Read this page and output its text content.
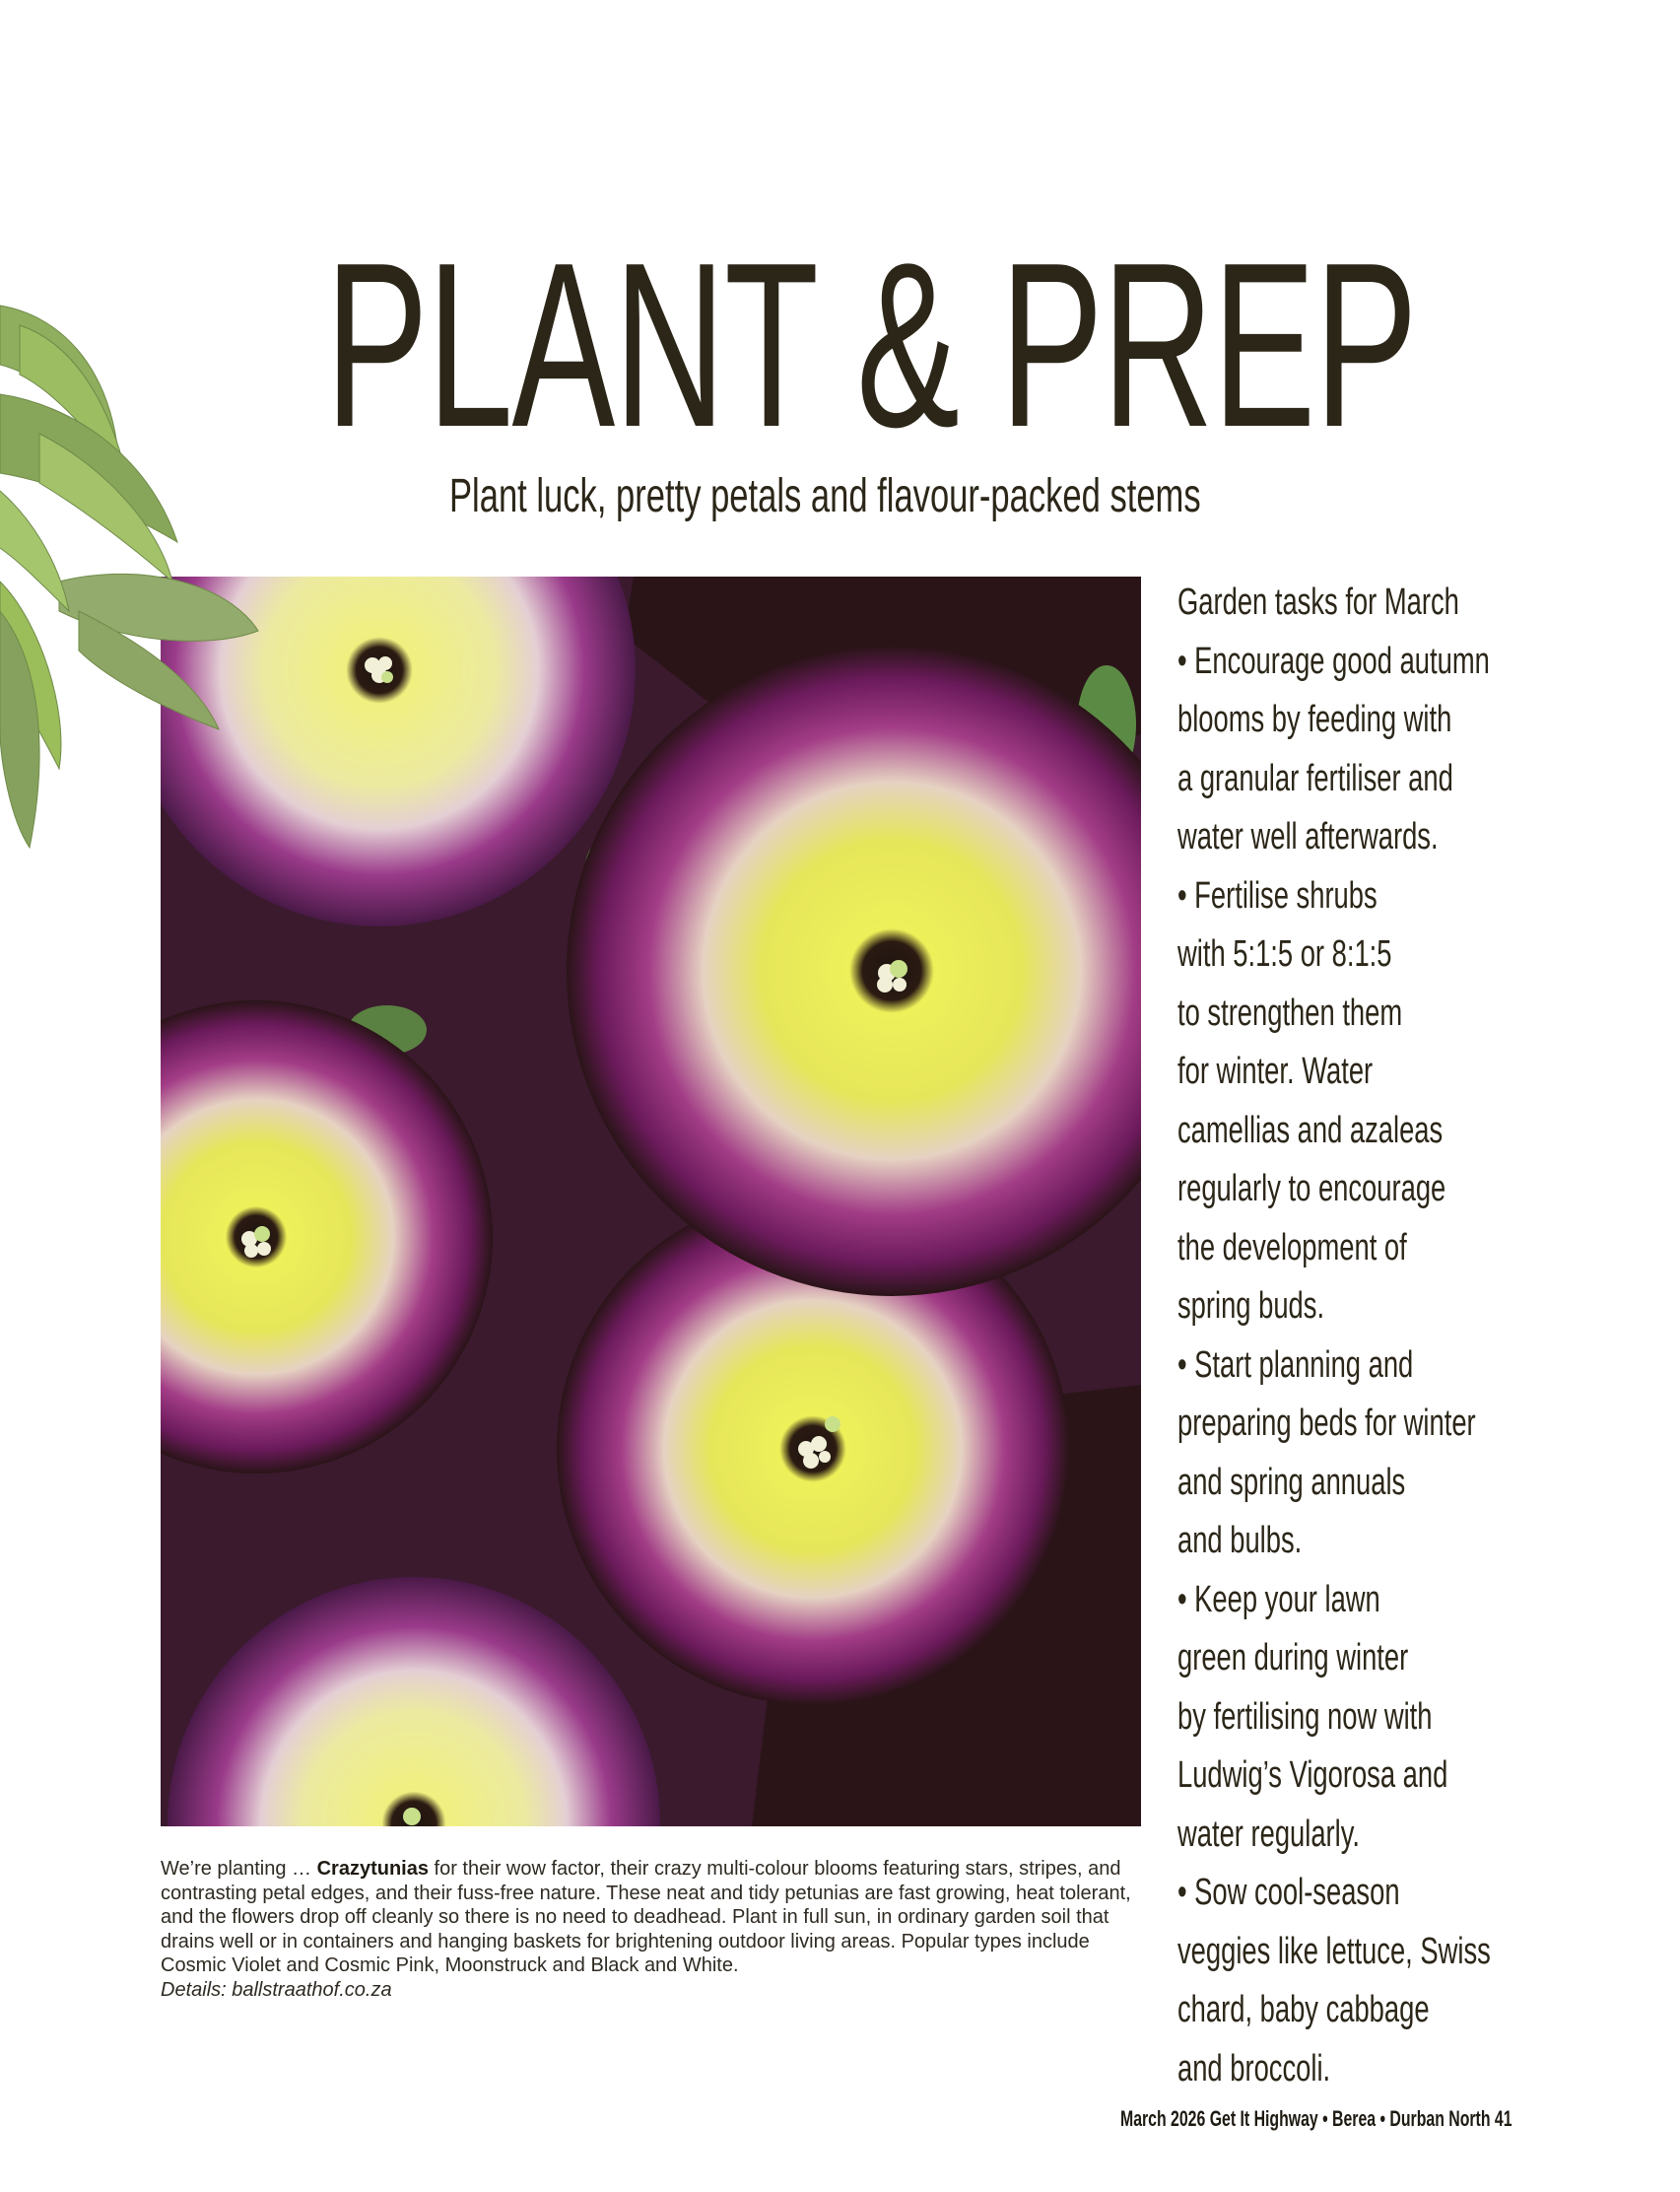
PLANT & PREP
Plant luck, pretty petals and flavour-packed stems
Garden tasks for March
• Encourage good autumn
blooms by feeding with
a granular fertiliser and
water well afterwards.
• Fertilise shrubs
with 5:1:5 or 8:1:5
to strengthen them
for winter. Water
camellias and azaleas
regularly to encourage
the development of
spring buds.
• Start planning and
preparing beds for winter
and spring annuals
and bulbs.
• Keep your lawn
green during winter
by fertilising now with
Ludwig’s Vigorosa and
water regularly.
• Sow cool-season
veggies like lettuce, Swiss
chard, baby cabbage
and broccoli.
We’re planting … Crazytunias for their wow factor, their crazy multi-colour blooms featuring stars, stripes, and contrasting petal edges, and their fuss-free nature. These neat and tidy petunias are fast growing, heat tolerant, and the flowers drop off cleanly so there is no need to deadhead. Plant in full sun, in ordinary garden soil that drains well or in containers and hanging baskets for brightening outdoor living areas. Popular types include Cosmic Violet and Cosmic Pink, Moonstruck and Black and White.
Details: ballstraathof.co.za
March 2026 Get It Highway • Berea • Durban North 41
